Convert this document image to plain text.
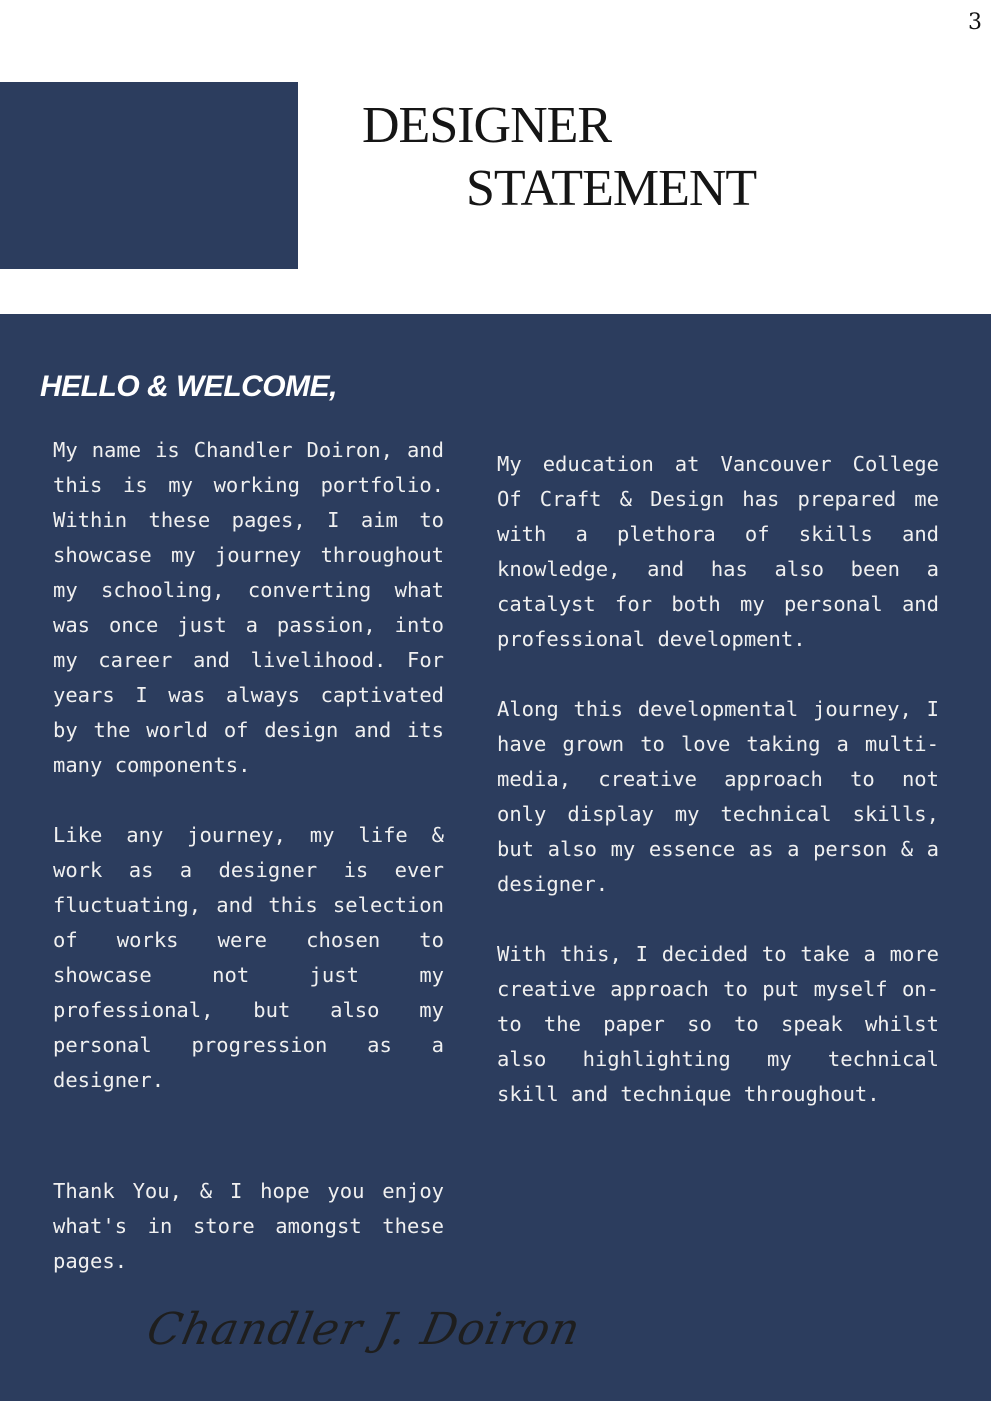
3
DESIGNER
STATEMENT
HELLO & WELCOME,

My name is Chandler Doiron, and this is my working portfolio. Within these pages, I aim to showcase my journey throughout my schooling, converting what was once just a passion, into my career and livelihood. For years I was always captivated by the world of design and its many components.

Like any journey, my life & work as a designer is ever fluctuating, and this selection of works were chosen to showcase not just my professional, but also my personal progression as a designer.

Thank You, & I hope you enjoy what's in store amongst these pages.

My education at Vancouver College Of Craft & Design has prepared me with a plethora of skills and knowledge, and has also been a catalyst for both my personal and professional development.

Along this developmental journey, I have grown to love taking a multi-media, creative approach to not only display my technical skills, but also my essence as a person & a designer.

With this, I decided to take a more creative approach to put myself on-to the paper so to speak whilst also highlighting my technical skill and technique throughout.

Chandler J. Doiron
